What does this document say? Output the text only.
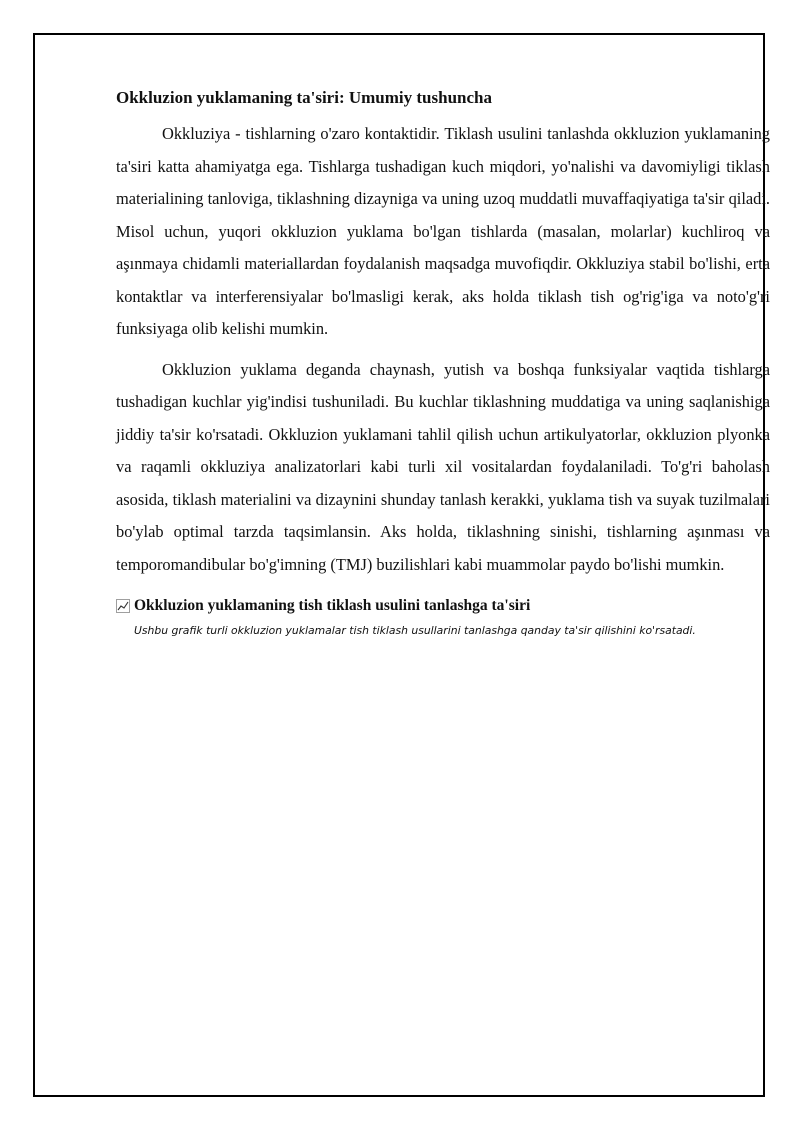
Okkluzion yuklamaning ta'siri: Umumiy tushuncha

Okkluziya - tishlarning o'zaro kontaktidir. Tiklash usulini tanlashda okkluzion yuklamaning ta'siri katta ahamiyatga ega. Tishlarga tushadigan kuch miqdori, yo'nalishi va davomiyligi tiklash materialining tanloviga, tiklashning dizayniga va uning uzoq muddatli muvaffaqiyatiga ta'sir qiladi. Misol uchun, yuqori okkluzion yuklama bo'lgan tishlarda (masalan, molarlar) kuchliroq va aşınmaya chidamli materiallardan foydalanish maqsadga muvofiqdir. Okkluziya stabil bo'lishi, erta kontaktlar va interferensiyalar bo'lmasligi kerak, aks holda tiklash tish og'rig'iga va noto'g'ri funksiyaga olib kelishi mumkin.

Okkluzion yuklama deganda chaynash, yutish va boshqa funksiyalar vaqtida tishlarga tushadigan kuchlar yig'indisi tushuniladi. Bu kuchlar tiklashning muddatiga va uning saqlanishiga jiddiy ta'sir ko'rsatadi. Okkluzion yuklamani tahlil qilish uchun artikulyatorlar, okkluzion plyonka va raqamli okkluziya analizatorlari kabi turli xil vositalardan foydalaniladi. To'g'ri baholash asosida, tiklash materialini va dizaynini shunday tanlash kerakki, yuklama tish va suyak tuzilmalari bo'ylab optimal tarzda taqsimlansin. Aks holda, tiklashning sinishi, tishlarning aşınması va temporomandibular bo'g'imning (TMJ) buzilishlari kabi muammolar paydo bo'lishi mumkin.

Okkluzion yuklamaning tish tiklash usulini tanlashga ta'siri
Ushbu grafik turli okkluzion yuklamalar tish tiklash usullarini tanlashga qanday ta'sir qilishini ko'rsatadi.
